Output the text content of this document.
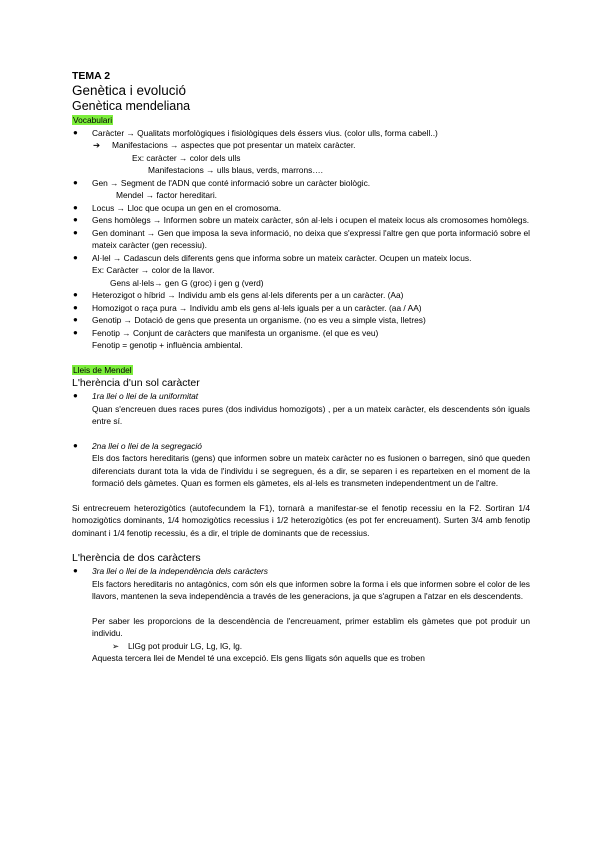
TEMA 2

Genètica i evolució

Genètica mendeliana

Vocabulari

● Caràcter → Qualitats morfològiques i fisiològiques dels éssers vius. (color ulls, forma cabell..)
➔ Manifestacions → aspectes que pot presentar un mateix caràcter.
Ex: caràcter → color dels ulls
Manifestacions → ulls blaus, verds, marrons….
● Gen → Segment de l'ADN que conté informació sobre un caràcter biològic.
Mendel → factor hereditari.
● Locus → Lloc que ocupa un gen en el cromosoma.
● Gens homòlegs → Informen sobre un mateix caràcter, són al·lels i ocupen el mateix locus als cromosomes homòlegs.
● Gen dominant → Gen que imposa la seva informació, no deixa que s'expressi l'altre gen que porta informació sobre el mateix caràcter (gen recessiu).
● Al·lel → Cadascun dels diferents gens que informa sobre un mateix caràcter. Ocupen un mateix locus.
Ex: Caràcter → color de la llavor.
Gens al·lels→ gen G (groc) i gen g (verd)
● Heterozigot o híbrid → Individu amb els gens al·lels diferents per a un caràcter. (Aa)
● Homozigot o raça pura → Individu amb els gens al·lels iguals per a un caràcter. (aa / AA)
● Genotip → Dotació de gens que presenta un organisme. (no es veu a simple vista, lletres)
● Fenotip → Conjunt de caràcters que manifesta un organisme. (el que es veu)
Fenotip = genotip + influència ambiental.

Lleis de Mendel

L'herència d'un sol caràcter

● 1ra llei o llei de la uniformitat
Quan s'encreuen dues races pures (dos individus homozigots) , per a un mateix caràcter, els descendents són iguals entre sí.
● 2na llei o llei de la segregació
Els dos factors hereditaris (gens) que informen sobre un mateix caràcter no es fusionen o barregen, sinó que queden diferenciats durant tota la vida de l'individu i se segreguen, és a dir, se separen i es reparteixen en el moment de la formació dels gàmetes. Quan es formen els gàmetes, els al·lels es transmeten independentment un de l'altre.

Si entrecreuem heterozigòtics (autofecundem la F1), tornarà a manifestar-se el fenotip recessiu en la F2. Sortiran 1/4 homozigòtics dominants, 1/4 homozigòtics recessius i 1/2 heterozigòtics (es pot fer encreuament). Surten 3/4 amb fenotip dominant i 1/4 fenotip recessiu, és a dir, el triple de dominants que de recessius.

L'herència de dos caràcters

● 3ra llei o llei de la independència dels caràcters
Els factors hereditaris no antagònics, com són els que informen sobre la forma i els que informen sobre el color de les llavors, mantenen la seva independència a través de les generacions, ja que s'agrupen a l'atzar en els descendents.
Per saber les proporcions de la descendència de l'encreuament, primer establim els gàmetes que pot produir un individu.
➢ LlGg pot produir LG, Lg, lG, lg.
Aquesta tercera llei de Mendel té una excepció. Els gens lligats són aquells que es troben
